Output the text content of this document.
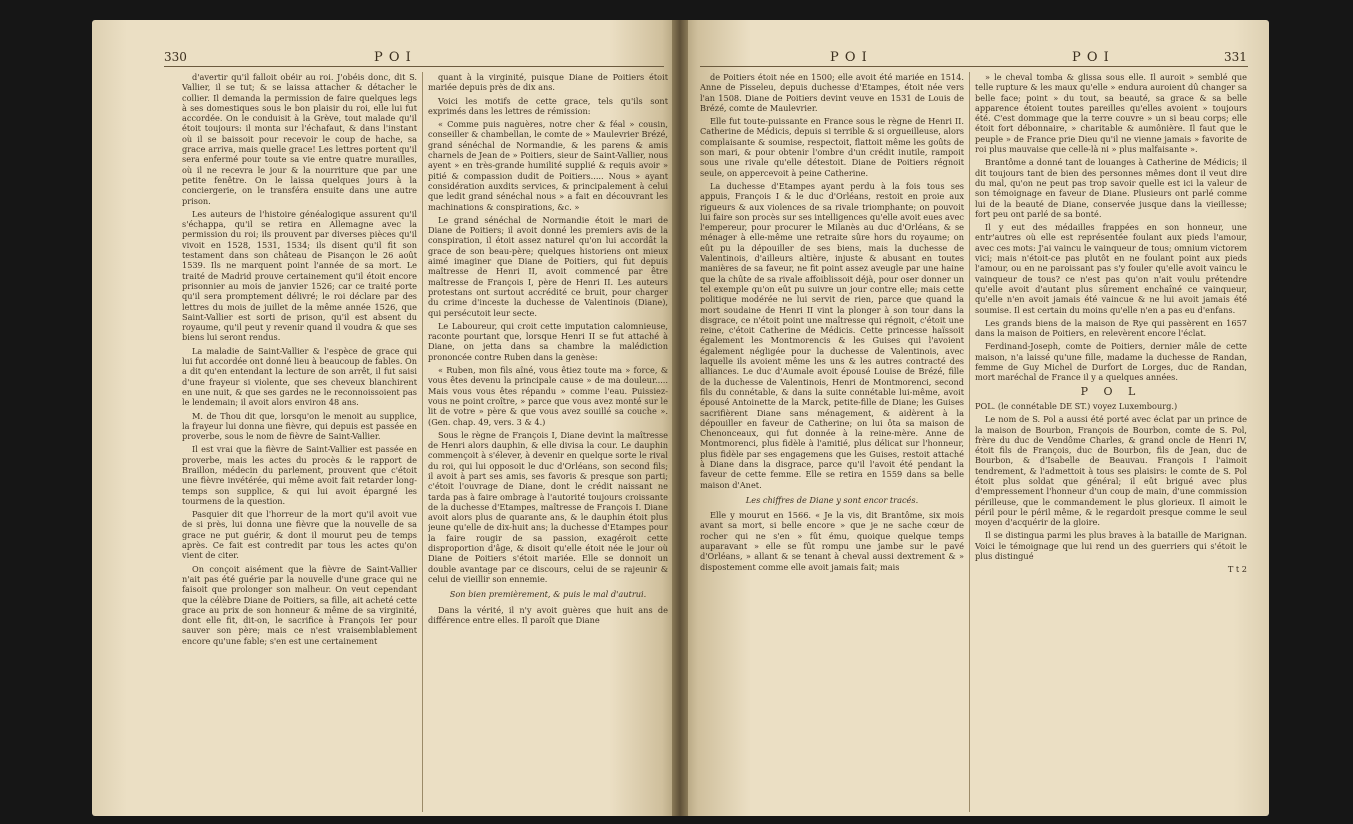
330	P O I

d'avertir qu'il falloit obéir au roi. J'obéis donc, dit S. Vallier, il se tut; & se laissa attacher & détacher le collier. Il demanda la permission de faire quelques legs à ses domestiques sous le bon plaisir du roi, elle lui fut accordée. On le conduisit à la Grève, tout malade qu'il étoit toujours: il monta sur l'échafaut, & dans l'instant où il se baissoit pour recevoir le coup de hache, sa grace arriva, mais quelle grace! Les lettres portent qu'il sera enfermé pour toute sa vie entre quatre murailles, où il ne recevra le jour & la nourriture que par une petite fenêtre. On le laissa quelques jours à la conciergerie, on le transféra ensuite dans une autre prison.

Les auteurs de l'histoire généalogique assurent qu'il s'échappa, qu'il se retira en Allemagne avec la permission du roi; ils prouvent par diverses pièces qu'il vivoit en 1528, 1531, 1534; ils disent qu'il fit son testament dans son château de Pisançon le 26 août 1539. Ils ne marquent point l'année de sa mort. Le traité de Madrid prouve certainement qu'il étoit encore prisonnier au mois de janvier 1526; car ce traité porte qu'il sera promptement délivré; le roi déclare par des lettres du mois de juillet de la même année 1526, que Saint-Vallier est sorti de prison, qu'il est absent du royaume, qu'il peut y revenir quand il voudra & que ses biens lui seront rendus.

La maladie de Saint-Vallier & l'espèce de grace qui lui fut accordée ont donné lieu à beaucoup de fables. On a dit qu'en entendant la lecture de son arrêt, il fut saisi d'une frayeur si violente, que ses cheveux blanchirent en une nuit, & que ses gardes ne le reconnoissoient pas le lendemain; il avoit alors environ 48 ans.

M. de Thou dit que, lorsqu'on le menoit au supplice, la frayeur lui donna une fièvre, qui depuis est passée en proverbe, sous le nom de fièvre de Saint-Vallier.

Il est vrai que la fièvre de Saint-Vallier est passée en proverbe, mais les actes du procès & le rapport de Braillon, médecin du parlement, prouvent que c'étoit une fièvre invétérée, qui même avoit fait retarder long-temps son supplice, & qui lui avoit épargné les tourmens de la question.

Pasquier dit que l'horreur de la mort qu'il avoit vue de si près, lui donna une fièvre que la nouvelle de sa grace ne put guérir, & dont il mourut peu de temps après. Ce fait est contredit par tous les actes qu'on vient de citer.

On conçoit aisément que la fièvre de Saint-Vallier n'ait pas été guérie par la nouvelle d'une grace qui ne faisoit que prolonger son malheur. On veut cependant que la célèbre Diane de Poitiers, sa fille, ait acheté cette grace au prix de son honneur & même de sa virginité, dont elle fit, dit-on, le sacrifice à François Ier pour sauver son père; mais ce n'est vraisemblablement encore qu'une fable; s'en est une certainement

quant à la virginité, puisque Diane de Poitiers étoit mariée depuis près de dix ans.

Voici les motifs de cette grace, tels qu'ils sont exprimés dans les lettres de rémission:

« Comme puis naguères, notre cher & féal » cousin, conseiller & chambellan, le comte de » Maulevrier Brézé, grand sénéchal de Normandie, & les parens & amis charnels de Jean de » Poitiers, sieur de Saint-Vallier, nous ayent » en très-grande humilité supplié & requis avoir » pitié & compassion dudit de Poitiers..... Nous » ayant considération auxdits services, & principalement à celui que ledit grand sénéchal nous » a fait en découvrant les machinations & conspirations, &c. »

Le grand sénéchal de Normandie étoit le mari de Diane de Poitiers; il avoit donné les premiers avis de la conspiration, il étoit assez naturel qu'on lui accordât la grace de son beau-père; quelques historiens ont mieux aimé imaginer que Diane de Poitiers, qui fut depuis maîtresse de Henri II, avoit commencé par être maîtresse de François I, père de Henri II. Les auteurs protestans ont surtout accrédité ce bruit, pour charger du crime d'inceste la duchesse de Valentinois (Diane), qui persécutoit leur secte.

Le Laboureur, qui croit cette imputation calomnieuse, raconte pourtant que, lorsque Henri II se fut attaché à Diane, on jetta dans sa chambre la malédiction prononcée contre Ruben dans la genèse:

« Ruben, mon fils aîné, vous êtiez toute ma » force, & vous êtes devenu la principale cause » de ma douleur..... Mais vous vous êtes répandu » comme l'eau. Puissiez-vous ne point croître, » parce que vous avez monté sur le lit de votre » père & que vous avez souillé sa couche ». (Gen. chap. 49, vers. 3 & 4.)

Sous le règne de François I, Diane devint la maîtresse de Henri alors dauphin, & elle divisa la cour. Le dauphin commençoit à s'élever, à devenir en quelque sorte le rival du roi, qui lui opposoit le duc d'Orléans, son second fils; il avoit à part ses amis, ses favoris & presque son parti; c'étoit l'ouvrage de Diane, dont le crédit naissant ne tarda pas à faire ombrage à l'autorité toujours croissante de la duchesse d'Etampes, maîtresse de François I. Diane avoit alors plus de quarante ans, & le dauphin étoit plus jeune qu'elle de dix-huit ans; la duchesse d'Etampes pour la faire rougir de sa passion, exagéroit cette disproportion d'âge, & disoit qu'elle étoit née le jour où Diane de Poitiers s'étoit mariée. Elle se donnoit un double avantage par ce discours, celui de se rajeunir & celui de vieillir son ennemie.

Son bien premièrement, & puis le mal d'autrui.

Dans la vérité, il n'y avoit guères que huit ans de différence entre elles. Il paroît que Diane

P O I	P O I	331

de Poitiers étoit née en 1500; elle avoit été mariée en 1514. Anne de Pisseleu, depuis duchesse d'Etampes, étoit née vers l'an 1508. Diane de Poitiers devint veuve en 1531 de Louis de Brézé, comte de Maulevrier.

Elle fut toute-puissante en France sous le règne de Henri II. Catherine de Médicis, depuis si terrible & si orgueilleuse, alors complaisante & soumise, respectoit, flattoit même les goûts de son mari, & pour obtenir l'ombre d'un crédit inutile, rampoit sous une rivale qu'elle détestoit. Diane de Poitiers régnoit seule, on appercevoit à peine Catherine.

La duchesse d'Etampes ayant perdu à la fois tous ses appuis, François I & le duc d'Orléans, restoit en proie aux rigueurs & aux violences de sa rivale triomphante; on pouvoit lui faire son procès sur ses intelligences qu'elle avoit eues avec l'empereur, pour procurer le Milanès au duc d'Orléans, & se ménager à elle-même une retraite sûre hors du royaume; on eût pu la dépouiller de ses biens, mais la duchesse de Valentinois, d'ailleurs altière, injuste & abusant en toutes manières de sa faveur, ne fit point assez aveugle par une haine que la chûte de sa rivale affoiblissoit déjà, pour oser donner un tel exemple qu'on eût pu suivre un jour contre elle; mais cette politique modérée ne lui servit de rien, parce que quand la mort soudaine de Henri II vint la plonger à son tour dans la disgrace, ce n'étoit point une maîtresse qui régnoit, c'étoit une reine, c'étoit Catherine de Médicis. Cette princesse haïssoit également les Montmorencis & les Guises qui l'avoient également négligée pour la duchesse de Valentinois, avec laquelle ils avoient même les uns & les autres contracté des alliances. Le duc d'Aumale avoit épousé Louise de Brézé, fille de la duchesse de Valentinois, Henri de Montmorenci, second fils du connétable, & dans la suite connétable lui-même, avoit épousé Antoinette de la Marck, petite-fille de Diane; les Guises sacrifièrent Diane sans ménagement, & aidèrent à la dépouiller en faveur de Catherine; on lui ôta sa maison de Chenonceaux, qui fut donnée à la reine-mère. Anne de Montmorenci, plus fidèle à l'amitié, plus délicat sur l'honneur, plus fidèle par ses engagemens que les Guises, restoit attaché à Diane dans la disgrace, parce qu'il l'avoit été pendant la faveur de cette femme. Elle se retira en 1559 dans sa belle maison d'Anet.

Les chiffres de Diane y sont encor tracés.

Elle y mourut en 1566. « Je la vis, dit Brantôme, six mois avant sa mort, si belle encore » que je ne sache cœur de rocher qui ne s'en » fût ému, quoique quelque temps auparavant » elle se fût rompu une jambe sur le pavé d'Orléans, » allant & se tenant à cheval aussi dextrement & » dispostement comme elle avoit jamais fait; mais

» le cheval tomba & glissa sous elle. Il auroit » semblé que telle rupture & les maux qu'elle » endura auroient dû changer sa belle face; point » du tout, sa beauté, sa grace & sa belle apparence étoient toutes pareilles qu'elles avoient » toujours été. C'est dommage que la terre couvre » un si beau corps; elle étoit fort débonnaire, » charitable & aumônière. Il faut que le peuple » de France prie Dieu qu'il ne vienne jamais » favorite de roi plus mauvaise que celle-là ni » plus malfaisante ».

Brantôme a donné tant de louanges à Catherine de Médicis; il dit toujours tant de bien des personnes mêmes dont il veut dire du mal, qu'on ne peut pas trop savoir quelle est ici la valeur de son témoignage en faveur de Diane. Plusieurs ont parlé comme lui de la beauté de Diane, conservée jusque dans la vieillesse; fort peu ont parlé de sa bonté.

Il y eut des médailles frappées en son honneur, une entr'autres où elle est représentée foulant aux pieds l'amour, avec ces mots: J'ai vaincu le vainqueur de tous; omnium victorem vici; mais n'étoit-ce pas plutôt en ne foulant point aux pieds l'amour, ou en ne paroissant pas s'y fouler qu'elle avoit vaincu le vainqueur de tous? ce n'est pas qu'on n'ait voulu prétendre qu'elle avoit d'autant plus sûrement enchaîné ce vainqueur, qu'elle n'en avoit jamais été vaincue & ne lui avoit jamais été soumise. Il est certain du moins qu'elle n'en a pas eu d'enfans.

Les grands biens de la maison de Rye qui passèrent en 1657 dans la maison de Poitiers, en relevèrent encore l'éclat.

Ferdinand-Joseph, comte de Poitiers, dernier mâle de cette maison, n'a laissé qu'une fille, madame la duchesse de Randan, femme de Guy Michel de Durfort de Lorges, duc de Randan, mort maréchal de France il y a quelques années.

P O L

POL. (le connétable DE ST.) voyez Luxembourg.)

Le nom de S. Pol a aussi été porté avec éclat par un prince de la maison de Bourbon, François de Bourbon, comte de S. Pol, frère du duc de Vendôme Charles, & grand oncle de Henri IV, étoit fils de François, duc de Bourbon, fils de Jean, duc de Bourbon, & d'Isabelle de Beauvau. François I l'aimoit tendrement, & l'admettoit à tous ses plaisirs: le comte de S. Pol étoit plus soldat que général; il eût brigué avec plus d'empressement l'honneur d'un coup de main, d'une commission périlleuse, que le commandement le plus glorieux. Il aimoit le péril pour le péril même, & le regardoit presque comme le seul moyen d'acquérir de la gloire.

Il se distingua parmi les plus braves à la bataille de Marignan. Voici le témoignage que lui rend un des guerriers qui s'étoit le plus distingué

T t 2
